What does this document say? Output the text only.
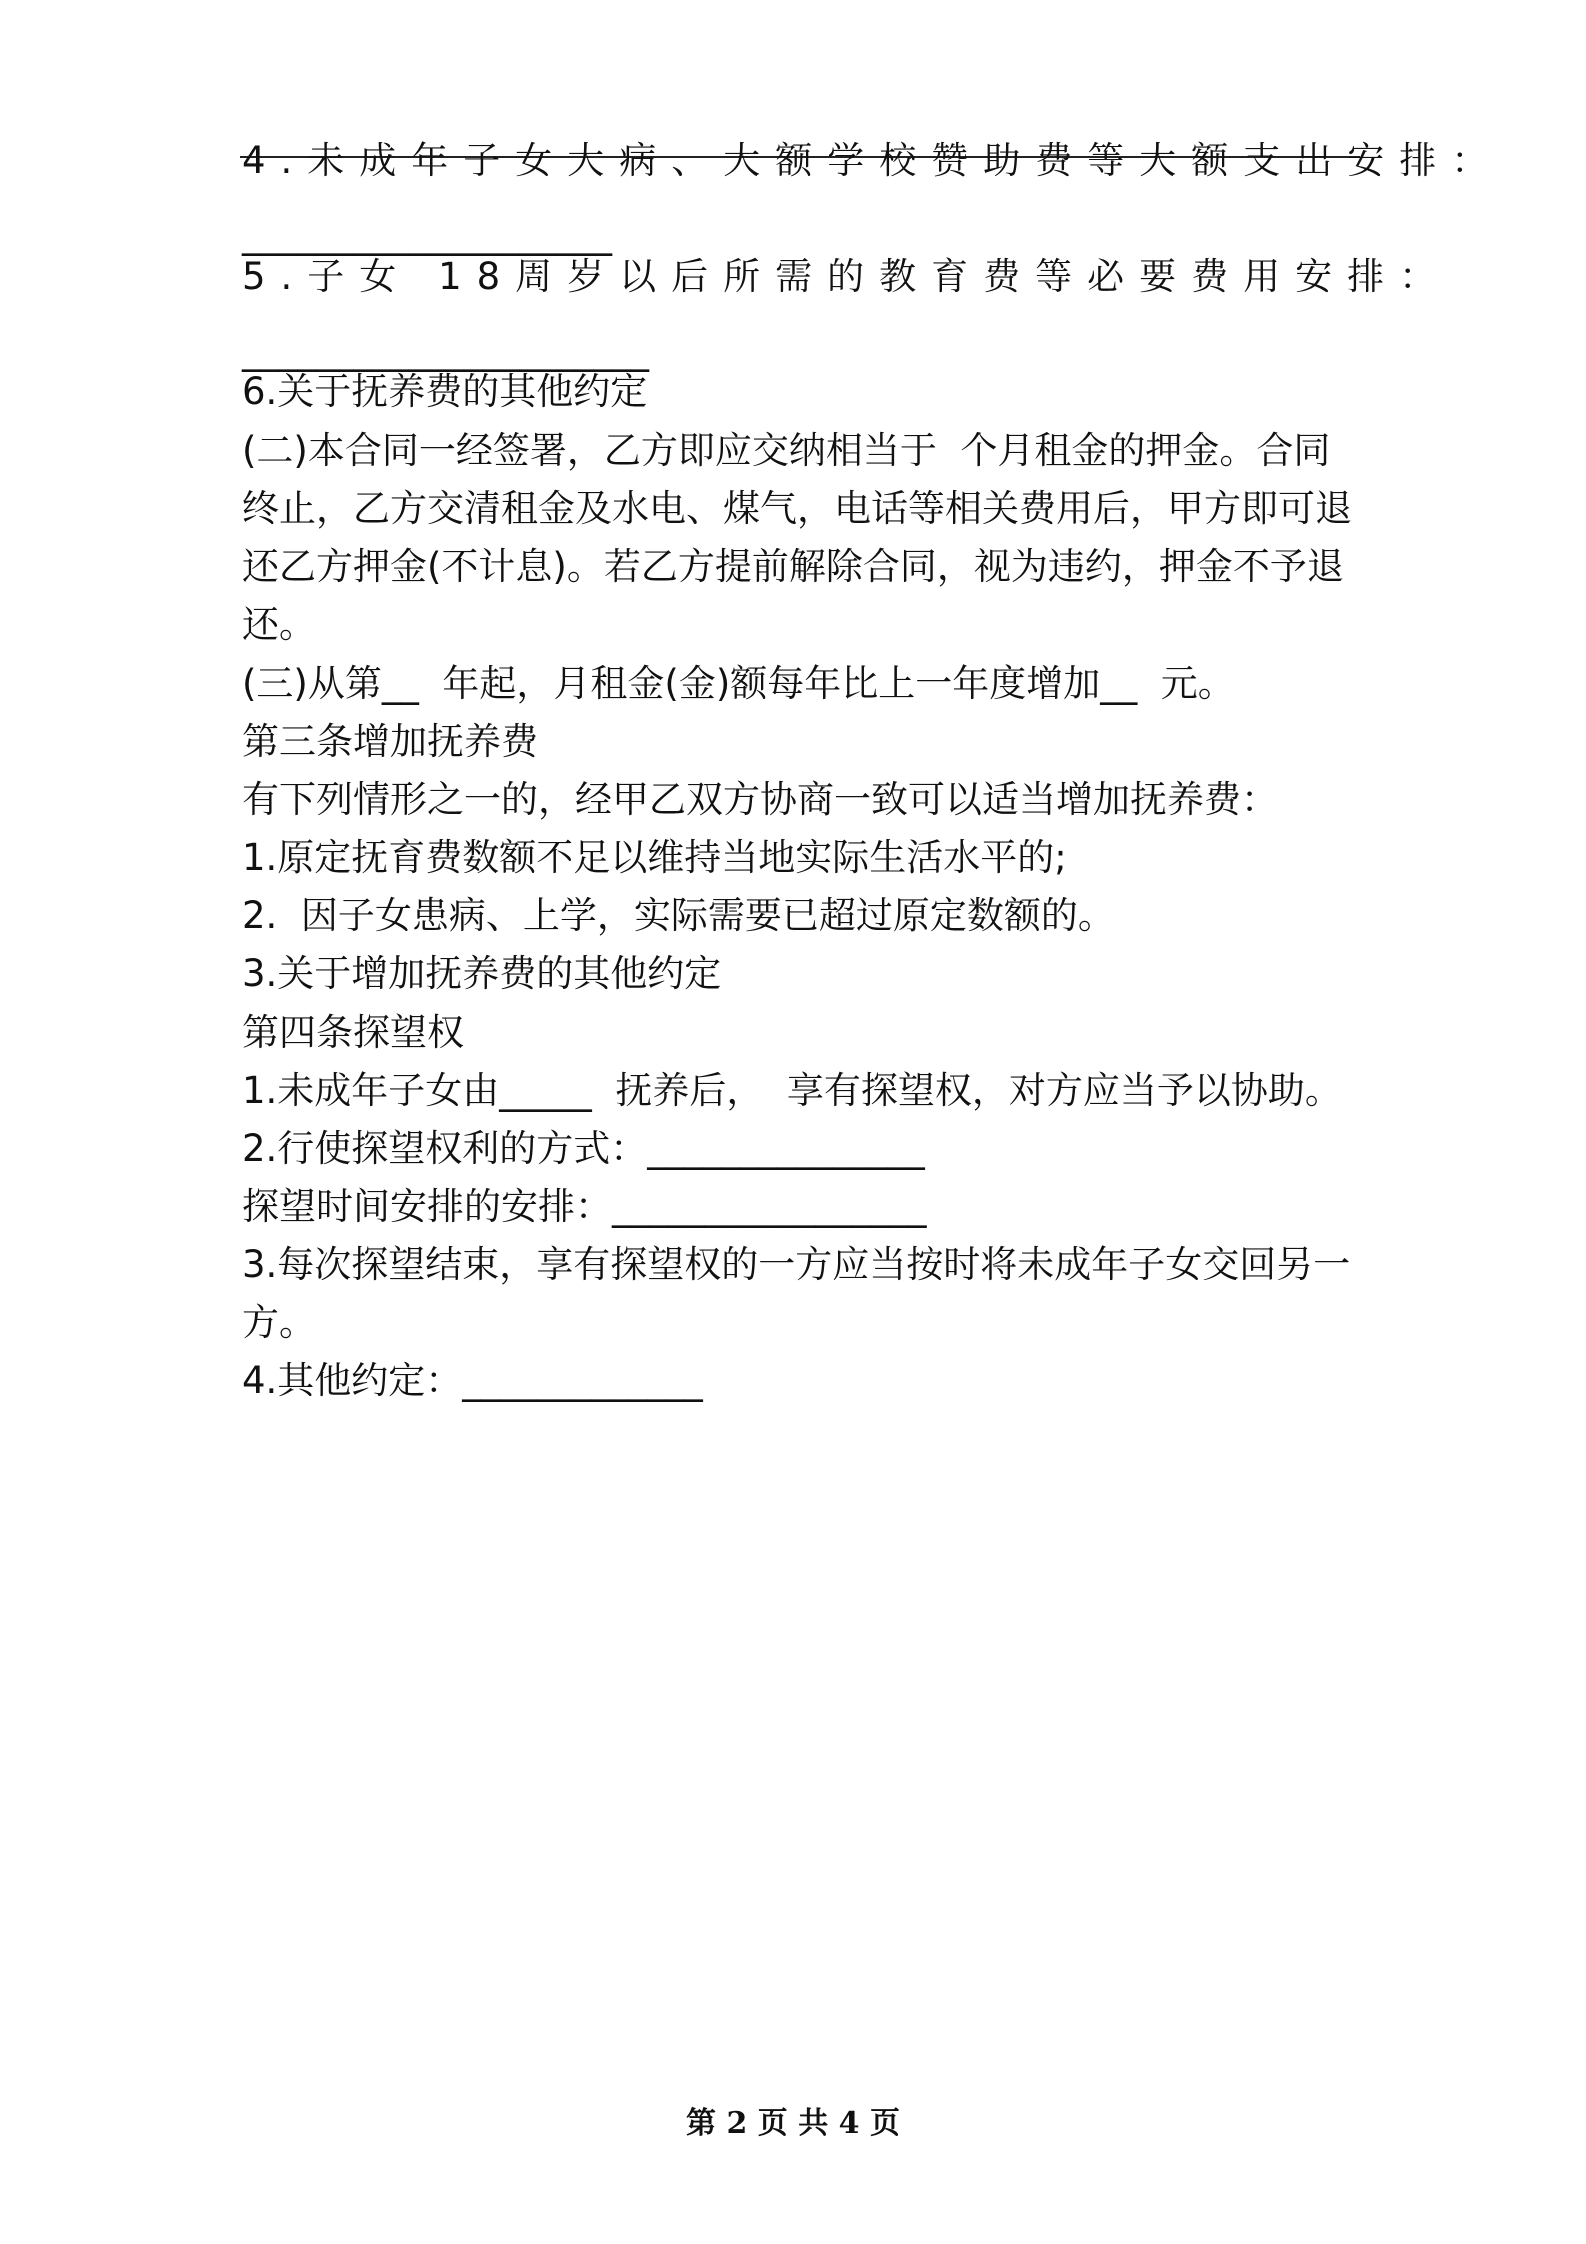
4.未成年子女大病、大额学校赞助费等大额支出安排：
____________________
5.子女 18周岁以后所需的教育费等必要费用安排：
______________________
6.关于抚养费的其他约定
(二)本合同一经签署，乙方即应交纳相当于  个月租金的押金。合同
终止，乙方交清租金及水电、煤气，电话等相关费用后，甲方即可退
还乙方押金(不计息)。若乙方提前解除合同，视为违约，押金不予退
还。
(三)从第__  年起，月租金(金)额每年比上一年度增加__  元。
第三条增加抚养费
有下列情形之一的，经甲乙双方协商一致可以适当增加抚养费：
1.原定抚育费数额不足以维持当地实际生活水平的;
2.  因子女患病、上学，实际需要已超过原定数额的。
3.关于增加抚养费的其他约定
第四条探望权
1.未成年子女由_____  抚养后，  享有探望权，对方应当予以协助。
2.行使探望权利的方式：_______________
探望时间安排的安排：_________________
3.每次探望结束，享有探望权的一方应当按时将未成年子女交回另一
方。
4.其他约定：_____________
第 2 页 共 4 页
